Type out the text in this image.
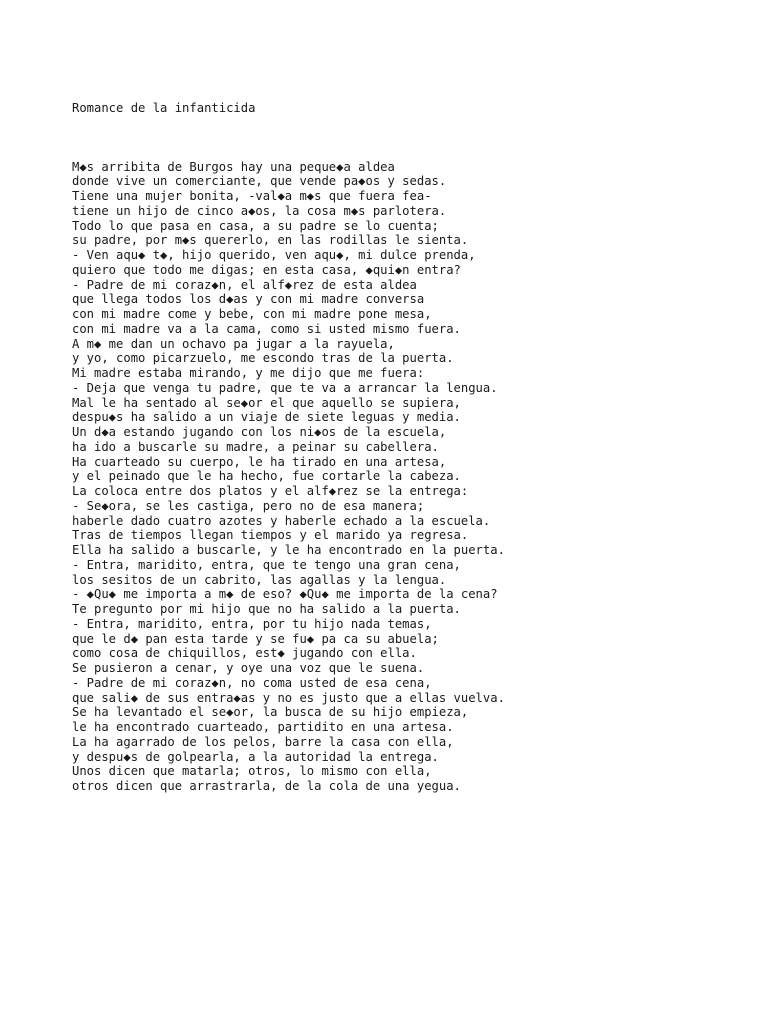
Romance de la infanticida

M◆s arribita de Burgos hay una peque◆a aldea
donde vive un comerciante, que vende pa◆os y sedas.
Tiene una mujer bonita, -val◆a m◆s que fuera fea-
tiene un hijo de cinco a◆os, la cosa m◆s parlotera.
Todo lo que pasa en casa, a su padre se lo cuenta;
su padre, por m◆s quererlo, en las rodillas le sienta.
- Ven aqu◆ t◆, hijo querido, ven aqu◆, mi dulce prenda,
quiero que todo me digas; en esta casa, ◆qui◆n entra?
- Padre de mi coraz◆n, el alf◆rez de esta aldea
que llega todos los d◆as y con mi madre conversa
con mi madre come y bebe, con mi madre pone mesa,
con mi madre va a la cama, como si usted mismo fuera.
A m◆ me dan un ochavo pa jugar a la rayuela,
y yo, como picarzuelo, me escondo tras de la puerta.
Mi madre estaba mirando, y me dijo que me fuera:
- Deja que venga tu padre, que te va a arrancar la lengua.
Mal le ha sentado al se◆or el que aquello se supiera,
despu◆s ha salido a un viaje de siete leguas y media.
Un d◆a estando jugando con los ni◆os de la escuela,
ha ido a buscarle su madre, a peinar su cabellera.
Ha cuarteado su cuerpo, le ha tirado en una artesa,
y el peinado que le ha hecho, fue cortarle la cabeza.
La coloca entre dos platos y el alf◆rez se la entrega:
- Se◆ora, se les castiga, pero no de esa manera;
haberle dado cuatro azotes y haberle echado a la escuela.
Tras de tiempos llegan tiempos y el marido ya regresa.
Ella ha salido a buscarle, y le ha encontrado en la puerta.
- Entra, maridito, entra, que te tengo una gran cena,
los sesitos de un cabrito, las agallas y la lengua.
- ◆Qu◆ me importa a m◆ de eso? ◆Qu◆ me importa de la cena?
Te pregunto por mi hijo que no ha salido a la puerta.
- Entra, maridito, entra, por tu hijo nada temas,
que le d◆ pan esta tarde y se fu◆ pa ca su abuela;
como cosa de chiquillos, est◆ jugando con ella.
Se pusieron a cenar, y oye una voz que le suena.
- Padre de mi coraz◆n, no coma usted de esa cena,
que sali◆ de sus entra◆as y no es justo que a ellas vuelva.
Se ha levantado el se◆or, la busca de su hijo empieza,
le ha encontrado cuarteado, partidito en una artesa.
La ha agarrado de los pelos, barre la casa con ella,
y despu◆s de golpearla, a la autoridad la entrega.
Unos dicen que matarla; otros, lo mismo con ella,
otros dicen que arrastrarla, de la cola de una yegua.
